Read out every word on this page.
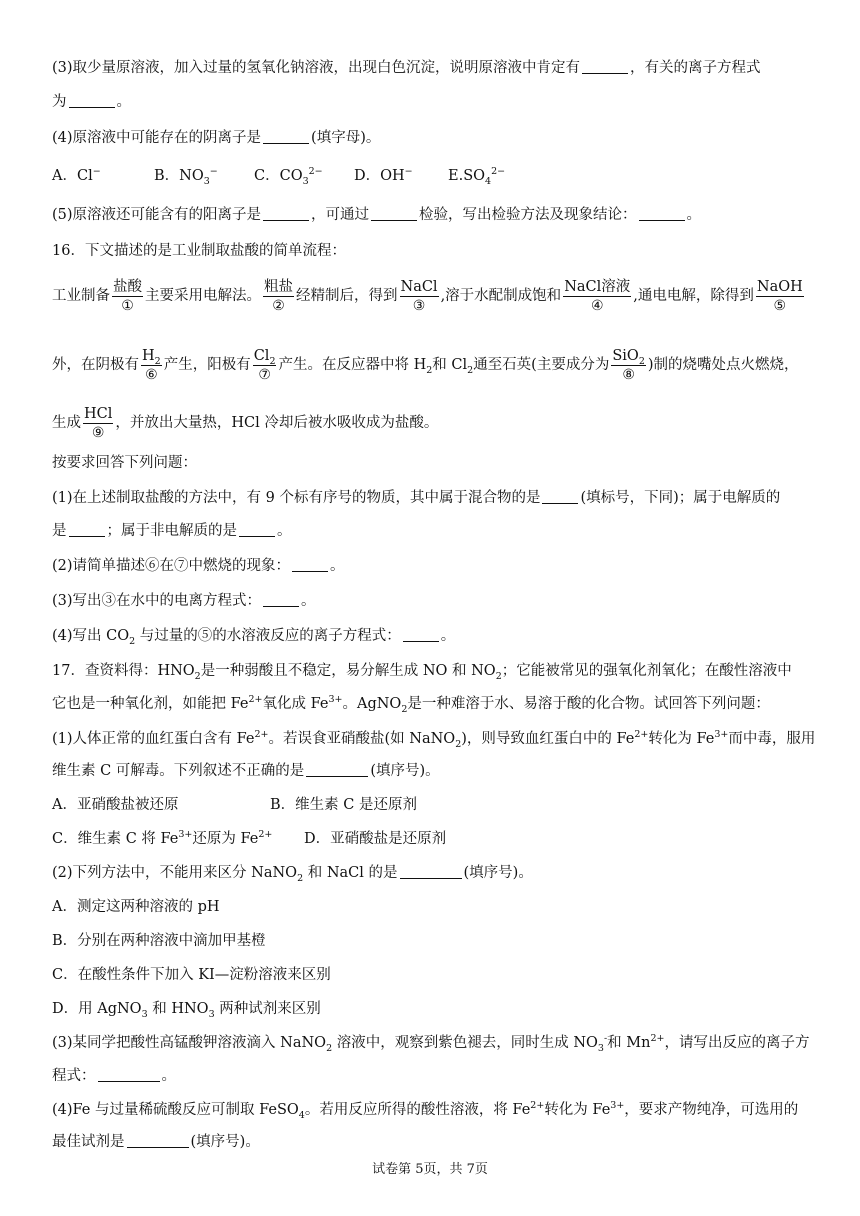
(3)取少量原溶液，加入过量的氢氧化钠溶液，出现白色沉淀，说明原溶液中肯定有	，有关的离子方程式
为	。
(4)原溶液中可能存在的阴离子是	(填字母)。
A．Cl−	B．$NO_3^-$	C．$CO_3^{2-}$ D．OH− $E.SO_4^{2-}$
(5)原溶液还可能含有的阳离子是	，可通过	检验，写出检验方法及现象结论：	。
16．下文描述的是工业制取盐酸的简单流程：
工业制备
盐酸
①
主要采用电解法。
粗盐
②
经精制后，得到
NaCl
③
,溶于水配制成饱和
NaCl溶液
④
,通电电解，除得到
NaOH
⑤
外，在阴极有
$H_2$
⑥
产生，阳极有
$Cl_2$
⑦
产生。在反应器中将 $H_2$和 $Cl_2$通至石英(主要成分为
SiO$_2$
⑧
)制的烧嘴处点火燃烧，
生成
HCl
⑨
，并放出大量热，HCl 冷却后被水吸收成为盐酸。
按要求回答下列问题：
(1)在上述制取盐酸的方法中，有 9 个标有序号的物质，其中属于混合物的是	(填标号，下同)；属于电解质的
是	；属于非电解质的是	。
(2)请简单描述⑥在⑦中燃烧的现象：	。
(3)写出③在水中的电离方程式：	。
(4)写出 $CO_2$ 与过量的⑤的水溶液反应的离子方程式：	。
17．查资料得：$HNO_2$是一种弱酸且不稳定，易分解生成 NO 和 $NO_2$；它能被常见的强氧化剂氧化；在酸性溶液中
它也是一种氧化剂，如能把 $Fe^{2+}$氧化成 $Fe^{3+}$。AgNO$_2$是一种难溶于水、易溶于酸的化合物。试回答下列问题：
(1)人体正常的血红蛋白含有 $Fe^{2+}$。若误食亚硝酸盐(如 NaNO$_2$)，则导致血红蛋白中的 $Fe^{2+}$转化为 $Fe^{3+}$而中毒，服用
维生素 C 可解毒。下列叙述不正确的是	(填序号)。
A．亚硝酸盐被还原	B．维生素 C 是还原剂
C．维生素 C 将 $Fe^{3+}$还原为 $Fe^{2+}$ D．亚硝酸盐是还原剂
(2)下列方法中，不能用来区分 NaNO$_2$ 和 NaCl 的是	(填序号)。
A．测定这两种溶液的 pH
B．分别在两种溶液中滴加甲基橙
C．在酸性条件下加入 KI—淀粉溶液来区别
D．用 AgNO$_3$ 和 $HNO_3$ 两种试剂来区别
(3)某同学把酸性高锰酸钾溶液滴入 NaNO$_2$ 溶液中，观察到紫色褪去，同时生成 $NO_3^-$和 $Mn^{2+}$，请写出反应的离子方
程式：	。
(4)Fe 与过量稀硫酸反应可制取 FeSO$_4$。若用反应所得的酸性溶液，将 $Fe^{2+}$转化为 $Fe^{3+}$，要求产物纯净，可选用的
最佳试剂是	(填序号)。
试卷第 5页，共 7页
